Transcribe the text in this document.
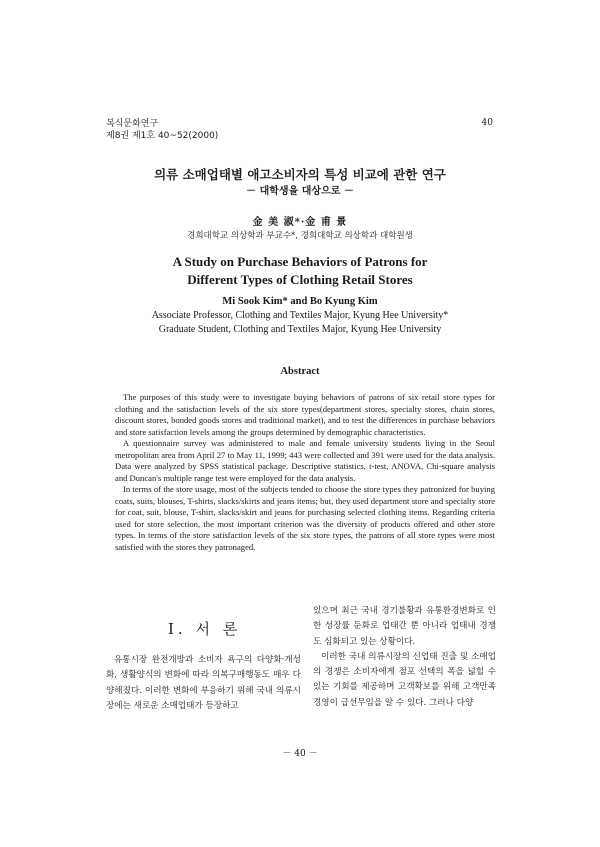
복식문화연구
제8권 제1호 40~52(2000)
40
의류 소매업태별 애고소비자의 특성 비교에 관한 연구
－ 대학생을 대상으로 －
金 美 淑*·金 甫 景
경희대학교 의상학과 부교수*, 경희대학교 의상학과 대학원생
A Study on Purchase Behaviors of Patrons for
Different Types of Clothing Retail Stores
Mi Sook Kim* and Bo Kyung Kim
Associate Professor, Clothing and Textiles Major, Kyung Hee University*
Graduate Student, Clothing and Textiles Major, Kyung Hee University
Abstract

The purposes of this study were to investigate buying behaviors of patrons of six retail store types for clothing and the satisfaction levels of the six store types(department stores, specialty stores, chain stores, discount stores, bonded goods stores and traditional market), and to test the differences in purchase behaviors and store satisfaction levels among the groups determined by demographic characteristics.

A questionnaire survey was administered to male and female university students living in the Seoul metropolitan area from April 27 to May 11, 1999; 443 were collected and 391 were used for the data analysis. Data were analyzed by SPSS statistical package. Descriptive statistics, t-test, ANOVA, Chi-square analysis and Duncan's multiple range test were employed for the data analysis.

In terms of the store usage, most of the subjects tended to choose the store types they patronized for buying coats, suits, blouses, T-shirts, slacks/skirts and jeans items; but, they used department store and specialty store for coat, suit, blouse, T-shirt, slacks/skirt and jeans for purchasing selected clothing items. Regarding criteria used for store selection, the most important criterion was the diversity of products offered and other store types. In terms of the store satisfaction levels of the six store types, the patrons of all store types were most satisfied with the stores they patronaged.

I. 서 론

유통시장 완전개방과 소비자 욕구의 다양화·개성화, 생활양식의 변화에 따라 의복구매행동도 매우 다양해졌다. 이러한 변화에 부응하기 위해 국내 의류시장에는 새로운 소매업태가 등장하고

있으며 최근 국내 경기불황과 유통환경변화로 인한 성장률 둔화로 업태간 뿐 아니라 업태내 경쟁도 심화되고 있는 상황이다.

이러한 국내 의류시장의 신업태 진출 및 소매업의 경쟁은 소비자에게 점포 선택의 폭을 넓힐 수 있는 기회를 제공하며 고객확보를 위해 고객만족경영이 급선무임을 알 수 있다. 그러나 다양

－ 40 －
